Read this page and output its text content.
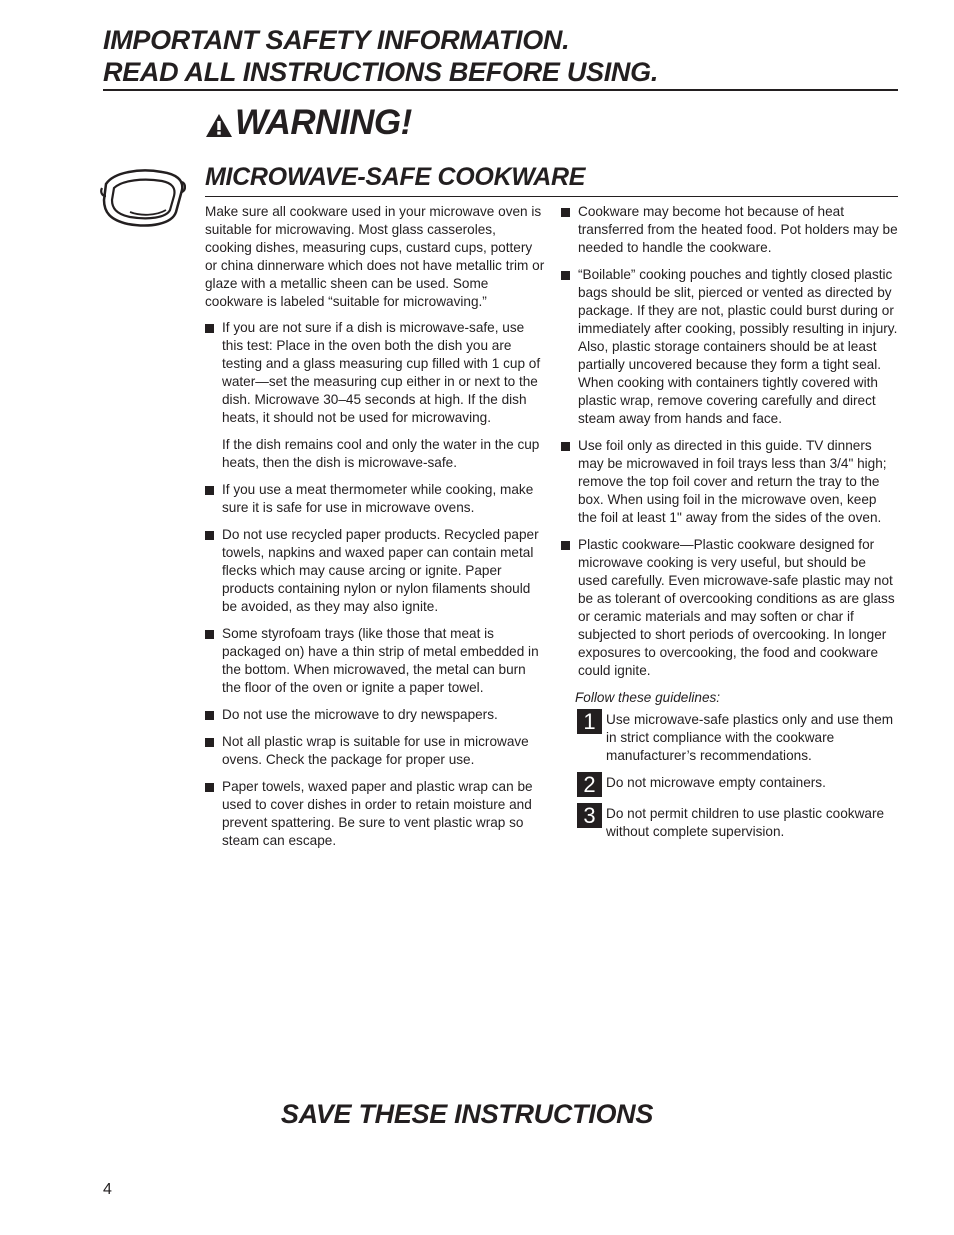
IMPORTANT SAFETY INFORMATION.
READ ALL INSTRUCTIONS BEFORE USING.
WARNING!
MICROWAVE-SAFE COOKWARE

Make sure all cookware used in your microwave oven is suitable for microwaving. Most glass casseroles, cooking dishes, measuring cups, custard cups, pottery or china dinnerware which does not have metallic trim or glaze with a metallic sheen can be used. Some cookware is labeled “suitable for microwaving.”

If you are not sure if a dish is microwave-safe, use this test: Place in the oven both the dish you are testing and a glass measuring cup filled with 1 cup of water—set the measuring cup either in or next to the dish. Microwave 30–45 seconds at high. If the dish heats, it should not be used for microwaving.

If the dish remains cool and only the water in the cup heats, then the dish is microwave-safe.

If you use a meat thermometer while cooking, make sure it is safe for use in microwave ovens.
Do not use recycled paper products. Recycled paper towels, napkins and waxed paper can contain metal flecks which may cause arcing or ignite. Paper products containing nylon or nylon filaments should be avoided, as they may also ignite.
Some styrofoam trays (like those that meat is packaged on) have a thin strip of metal embedded in the bottom. When microwaved, the metal can burn the floor of the oven or ignite a paper towel.
Do not use the microwave to dry newspapers.
Not all plastic wrap is suitable for use in microwave ovens. Check the package for proper use.
Paper towels, waxed paper and plastic wrap can be used to cover dishes in order to retain moisture and prevent spattering. Be sure to vent plastic wrap so steam can escape.
Cookware may become hot because of heat transferred from the heated food. Pot holders may be needed to handle the cookware.
“Boilable” cooking pouches and tightly closed plastic bags should be slit, pierced or vented as directed by package. If they are not, plastic could burst during or immediately after cooking, possibly resulting in injury. Also, plastic storage containers should be at least partially uncovered because they form a tight seal. When cooking with containers tightly covered with plastic wrap, remove covering carefully and direct steam away from hands and face.
Use foil only as directed in this guide. TV dinners may be microwaved in foil trays less than 3/4" high; remove the top foil cover and return the tray to the box. When using foil in the microwave oven, keep the foil at least 1" away from the sides of the oven.
Plastic cookware—Plastic cookware designed for microwave cooking is very useful, but should be used carefully. Even microwave-safe plastic may not be as tolerant of overcooking conditions as are glass or ceramic materials and may soften or char if subjected to short periods of overcooking. In longer exposures to overcooking, the food and cookware could ignite.

Follow these guidelines:

1 Use microwave-safe plastics only and use them in strict compliance with the cookware manufacturer’s recommendations.
2 Do not microwave empty containers.
3 Do not permit children to use plastic cookware without complete supervision.
SAVE THESE INSTRUCTIONS
4
